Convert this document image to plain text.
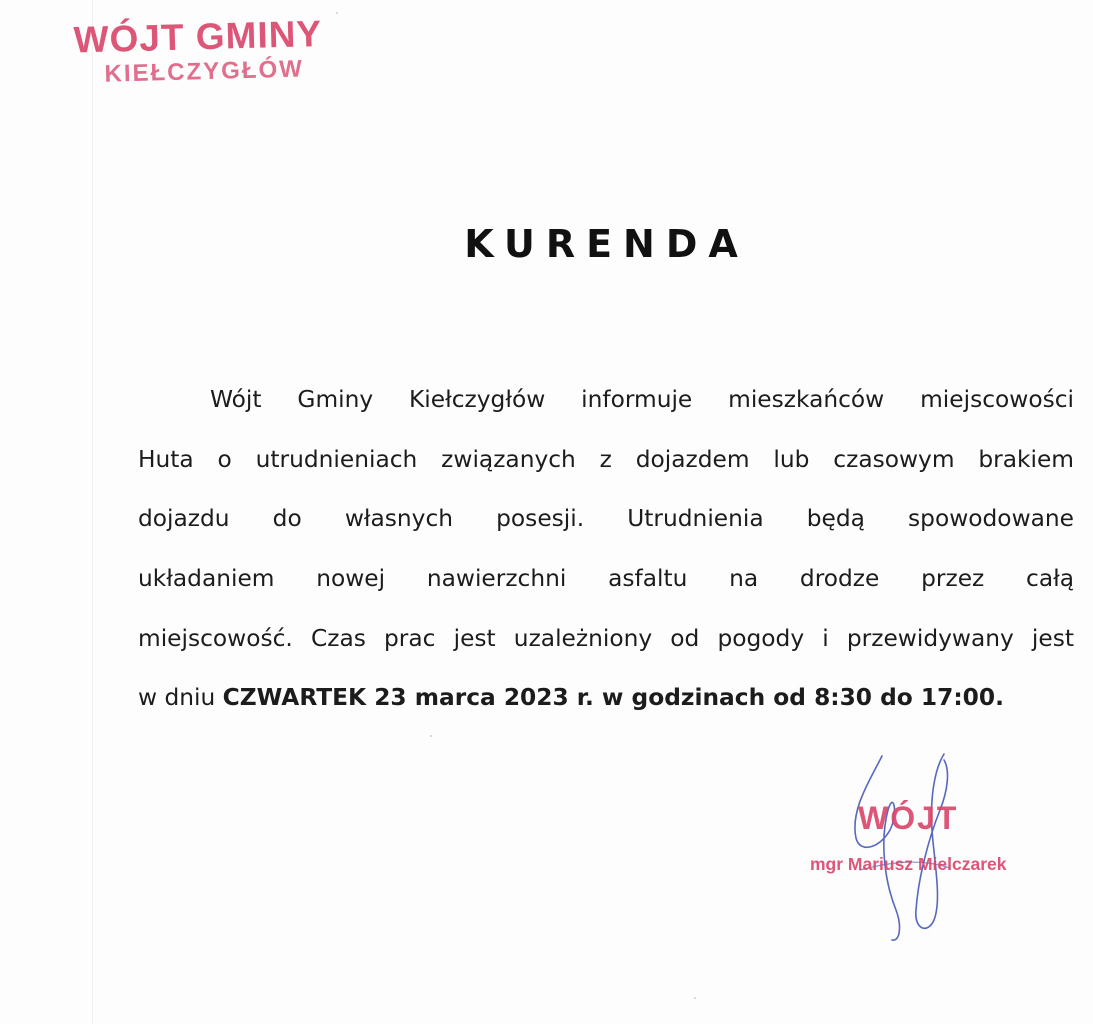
WÓJT GMINY
KIEŁCZYGŁÓW
KURENDA
Wójt Gminy Kiełczygłów informuje mieszkańców miejscowości
Huta o utrudnieniach związanych z dojazdem lub czasowym brakiem
dojazdu do własnych posesji. Utrudnienia będą spowodowane
układaniem nowej nawierzchni asfaltu na drodze przez całą
miejscowość. Czas prac jest uzależniony od pogody i przewidywany jest
w dniu CZWARTEK 23 marca 2023 r. w godzinach od 8:30 do 17:00.
WÓJT
mgr Mariusz Mielczarek
